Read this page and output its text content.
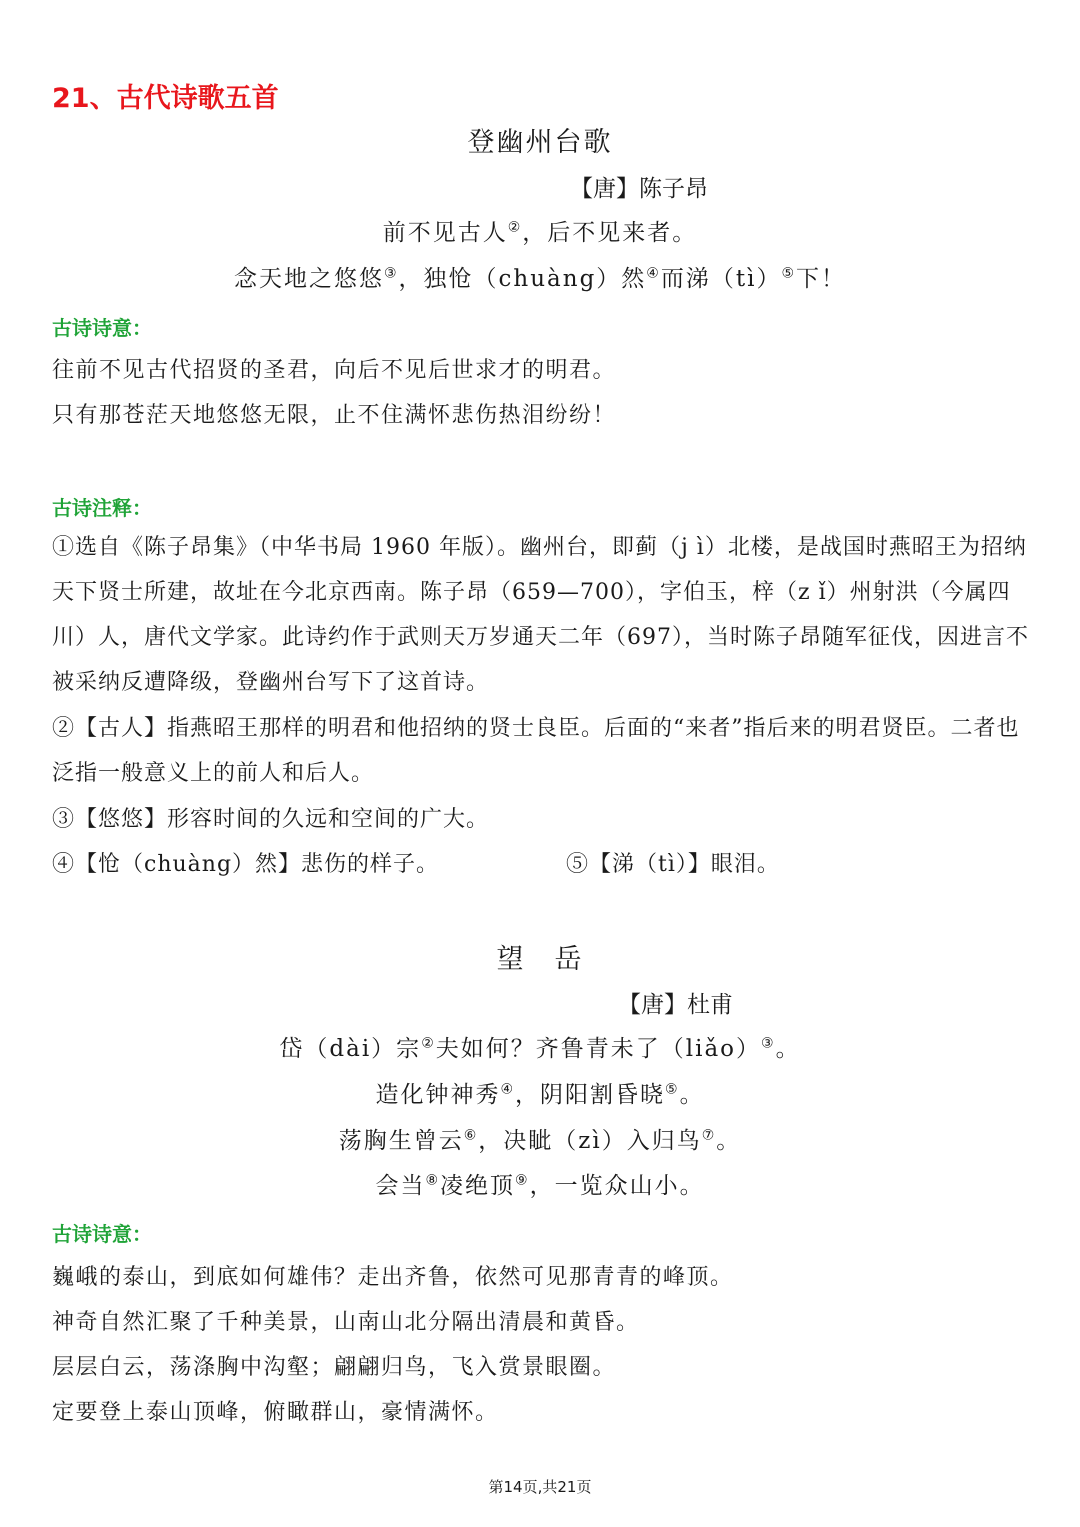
21、古代诗歌五首
登幽州台歌
【唐】陈子昂
前不见古人②，后不见来者。
念天地之悠悠③，独怆（chuàng）然④而涕（tì）⑤下！
古诗诗意：
往前不见古代招贤的圣君，向后不见后世求才的明君。
只有那苍茫天地悠悠无限，止不住满怀悲伤热泪纷纷！
古诗注释：
①选自《陈子昂集》（中华书局 1960 年版）。幽州台，即蓟（j ì）北楼，是战国时燕昭王为招纳天下贤士所建，故址在今北京西南。陈子昂（659—700），字伯玉，梓（z ǐ）州射洪（今属四川）人，唐代文学家。此诗约作于武则天万岁通天二年（697），当时陈子昂随军征伐，因进言不被采纳反遭降级，登幽州台写下了这首诗。
②【古人】指燕昭王那样的明君和他招纳的贤士良臣。后面的“来者”指后来的明君贤臣。二者也泛指一般意义上的前人和后人。
③【悠悠】形容时间的久远和空间的广大。
④【怆（chuàng）然】悲伤的样子。	⑤【涕（tì）】眼泪。
望　岳
【唐】杜甫
岱（dài）宗②夫如何？齐鲁青未了（liǎo）③。
造化钟神秀④，阴阳割昏晓⑤。
荡胸生曾云⑥，决眦（zì）入归鸟⑦。
会当⑧凌绝顶⑨，一览众山小。
古诗诗意：
巍峨的泰山，到底如何雄伟？走出齐鲁，依然可见那青青的峰顶。
神奇自然汇聚了千种美景，山南山北分隔出清晨和黄昏。
层层白云，荡涤胸中沟壑；翩翩归鸟，飞入赏景眼圈。
定要登上泰山顶峰，俯瞰群山，豪情满怀。
第14页,共21页
